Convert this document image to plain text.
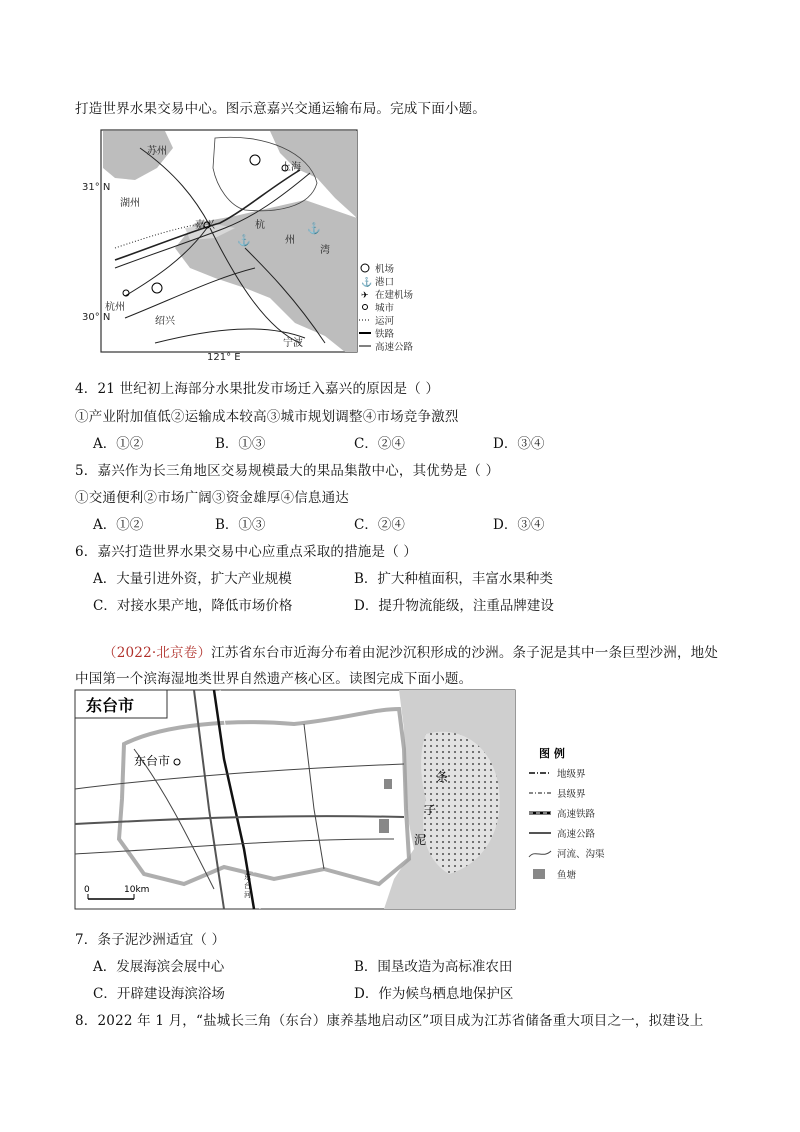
打造世界水果交易中心。图示意嘉兴交通运输布局。完成下面小题。
苏州
上海
湖州
嘉兴
杭州
绍兴
宁波
杭
州
湾
⚓
⚓
31° N
30° N
121° E
机场
⚓ 港口
✈ 在建机场
城市
运河
铁路
高速公路
4．21 世纪初上海部分水果批发市场迁入嘉兴的原因是（ ）
①产业附加值低②运输成本较高③城市规划调整④市场竞争激烈
A．①②	B．①③	C．②④	D．③④
5．嘉兴作为长三角地区交易规模最大的果品集散中心，其优势是（ ）
①交通便利②市场广阔③资金雄厚④信息通达
A．①②	B．①③	C．②④	D．③④
6．嘉兴打造世界水果交易中心应重点采取的措施是（ ）
A．大量引进外资，扩大产业规模	B．扩大种植面积，丰富水果种类
C．对接水果产地，降低市场价格	D．提升物流能级，注重品牌建设
（2022·北京卷）江苏省东台市近海分布着由泥沙沉积形成的沙洲。条子泥是其中一条巨型沙洲，地处
中国第一个滨海湿地类世界自然遗产核心区。读图完成下面小题。
东台市
东台市
条
子
泥
东
台
河
0	10km
图 例
地级界
县级界
高速铁路
高速公路
河流、沟渠
鱼塘
7．条子泥沙洲适宜（ ）
A．发展海滨会展中心	B．围垦改造为高标准农田
C．开辟建设海滨浴场	D．作为候鸟栖息地保护区
8．2022 年 1 月，“盐城长三角（东台）康养基地启动区”项目成为江苏省储备重大项目之一，拟建设上
